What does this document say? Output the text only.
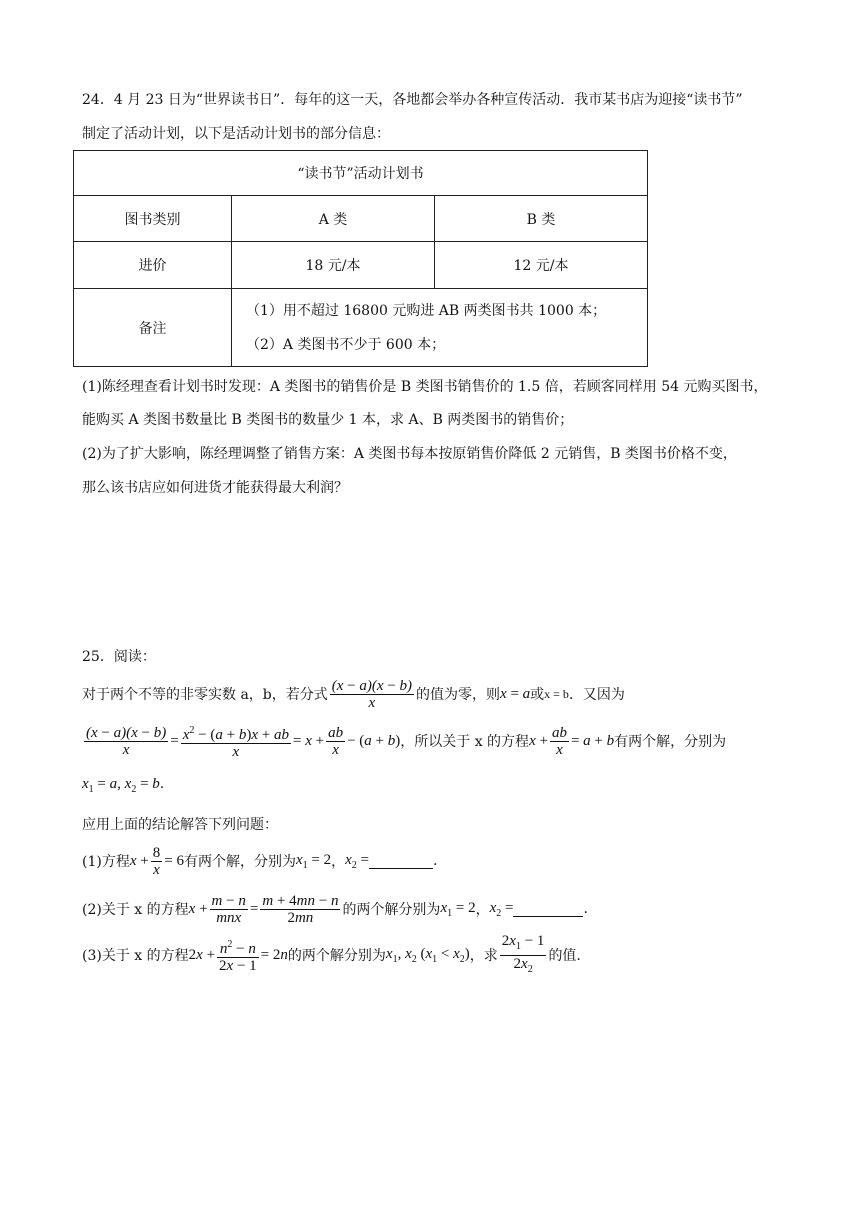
24．4 月 23 日为“世界读书日”．每年的这一天，各地都会举办各种宣传活动．我市某书店为迎接“读书节”
制定了活动计划，以下是活动计划书的部分信息：
“读书节”活动计划书		
图书类别	A 类	B 类
进价	18 元/本	12 元/本
备注	（1）用不超过 16800 元购进 AB 两类图书共 1000 本；
（2）A 类图书不少于 600 本；	
(1)陈经理查看计划书时发现：A 类图书的销售价是 B 类图书销售价的 1.5 倍，若顾客同样用 54 元购买图书，
能购买 A 类图书数量比 B 类图书的数量少 1 本，求 A、B 两类图书的销售价；
(2)为了扩大影响，陈经理调整了销售方案：A 类图书每本按原销售价降低 2 元销售，B 类图书价格不变，
那么该书店应如何进货才能获得最大利润？
25．阅读：
对于两个不等的非零实数 a，b，若分式 $\frac{(x - a)(x - b)}{x}$ 的值为零，则 x = a 或 x = b ．又因为
$\frac{(x - a)(x - b)}{x} = \frac{x^2 - (a + b)x + ab}{x} = x + \frac{ab}{x} - (a + b)$ ，所以关于 x 的方程 $x + \frac{ab}{x} = a + b$ 有两个解，分别为
$x_1 = a$, $x_2 = b$.
应用上面的结论解答下列问题：
(1)方程 $x + \frac{8}{x} = 6$ 有两个解，分别为 $x_1 = 2$ ， $x_2$ =	.
(2)关于 x 的方程 $x + \frac{m - n}{\text{mnx}} = \frac{m + 4mn - n}{2mn}$ 的两个解分别为 $x_1 = 2$ ， $x_2$ =	.
(3)关于 x 的方程 $2x + \frac{n^2 - n}{2x - 1} = 2n$ 的两个解分别为 $x_1$, $x_2$ $(x_1 < x_2)$ ，求 $\frac{2x_1 - 1}{2x_2}$ 的值.
